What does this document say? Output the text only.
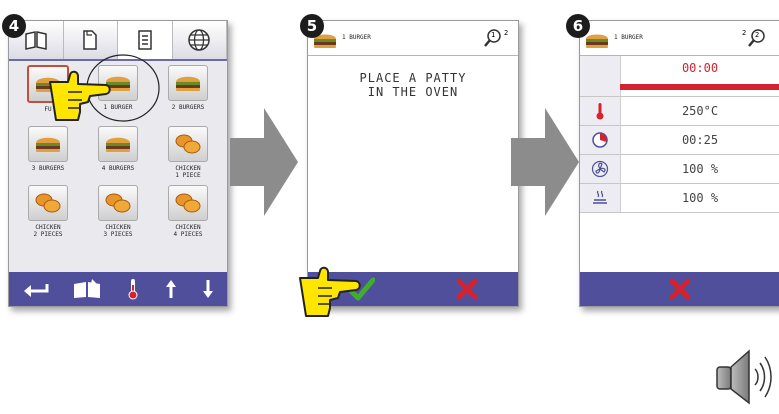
4
FU	1 BURGER	2 BURGERS
3 BURGERS	4 BURGERS	CHICKEN
1 PIECE
CHICKEN
2 PIECES
CHICKEN
3 PIECES
CHICKEN
4 PIECES
5
1 BURGER	1 2
PLACE A PATTY
IN THE OVEN
6
1 BURGER
2 2
00:00
250°C
00:25
100 %
100 %
